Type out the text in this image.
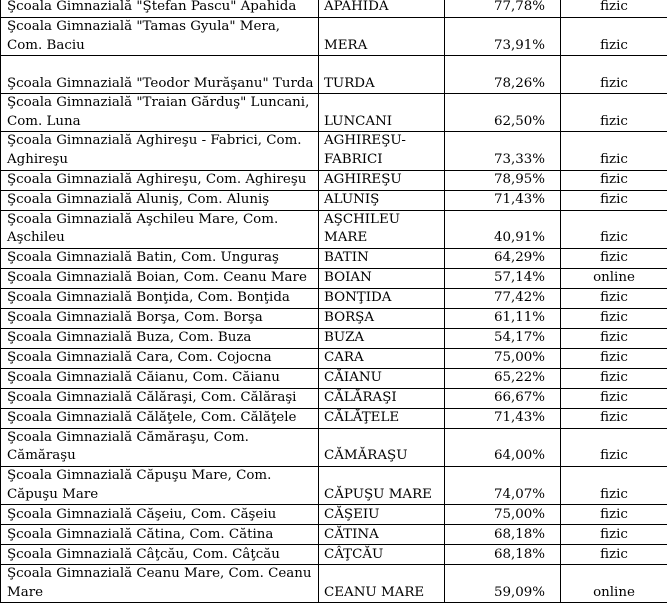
Şcoala Gimnazială "Ştefan Pascu" Apahida	APAHIDA	77,78%	fizic
Şcoala Gimnazială "Tamas Gyula" Mera, Com. Baciu	MERA	73,91%	fizic
Şcoala Gimnazială "Teodor Murăşanu" Turda	TURDA	78,26%	fizic
Şcoala Gimnazială "Traian Gărduş" Luncani, Com. Luna	LUNCANI	62,50%	fizic
Şcoala Gimnazială Aghireşu - Fabrici, Com. Aghireşu	AGHIREŞU-FABRICI	73,33%	fizic
Şcoala Gimnazială Aghireşu, Com. Aghireşu	AGHIREŞU	78,95%	fizic
Şcoala Gimnazială Aluniş, Com. Aluniş	ALUNIŞ	71,43%	fizic
Şcoala Gimnazială Aşchileu Mare, Com. Aşchileu	AŞCHILEU MARE	40,91%	fizic
Şcoala Gimnazială Batin, Com. Unguraş	BATIN	64,29%	fizic
Şcoala Gimnazială Boian, Com. Ceanu Mare	BOIAN	57,14%	online
Şcoala Gimnazială Bonţida, Com. Bonţida	BONŢIDA	77,42%	fizic
Şcoala Gimnazială Borşa, Com. Borşa	BORŞA	61,11%	fizic
Şcoala Gimnazială Buza, Com. Buza	BUZA	54,17%	fizic
Şcoala Gimnazială Cara, Com. Cojocna	CARA	75,00%	fizic
Şcoala Gimnazială Căianu, Com. Căianu	CĂIANU	65,22%	fizic
Şcoala Gimnazială Călăraşi, Com. Călăraşi	CĂLĂRAŞI	66,67%	fizic
Şcoala Gimnazială Călăţele, Com. Călăţele	CĂLĂŢELE	71,43%	fizic
Şcoala Gimnazială Cămăraşu, Com. Cămăraşu	CĂMĂRAŞU	64,00%	fizic
Şcoala Gimnazială Căpuşu Mare, Com. Căpuşu Mare	CĂPUŞU MARE	74,07%	fizic
Şcoala Gimnazială Căşeiu, Com. Căşeiu	CĂŞEIU	75,00%	fizic
Şcoala Gimnazială Cătina, Com. Cătina	CĂTINA	68,18%	fizic
Şcoala Gimnazială Câţcău, Com. Câţcău	CÂŢCĂU	68,18%	fizic
Şcoala Gimnazială Ceanu Mare, Com. Ceanu Mare	CEANU MARE	59,09%	online
